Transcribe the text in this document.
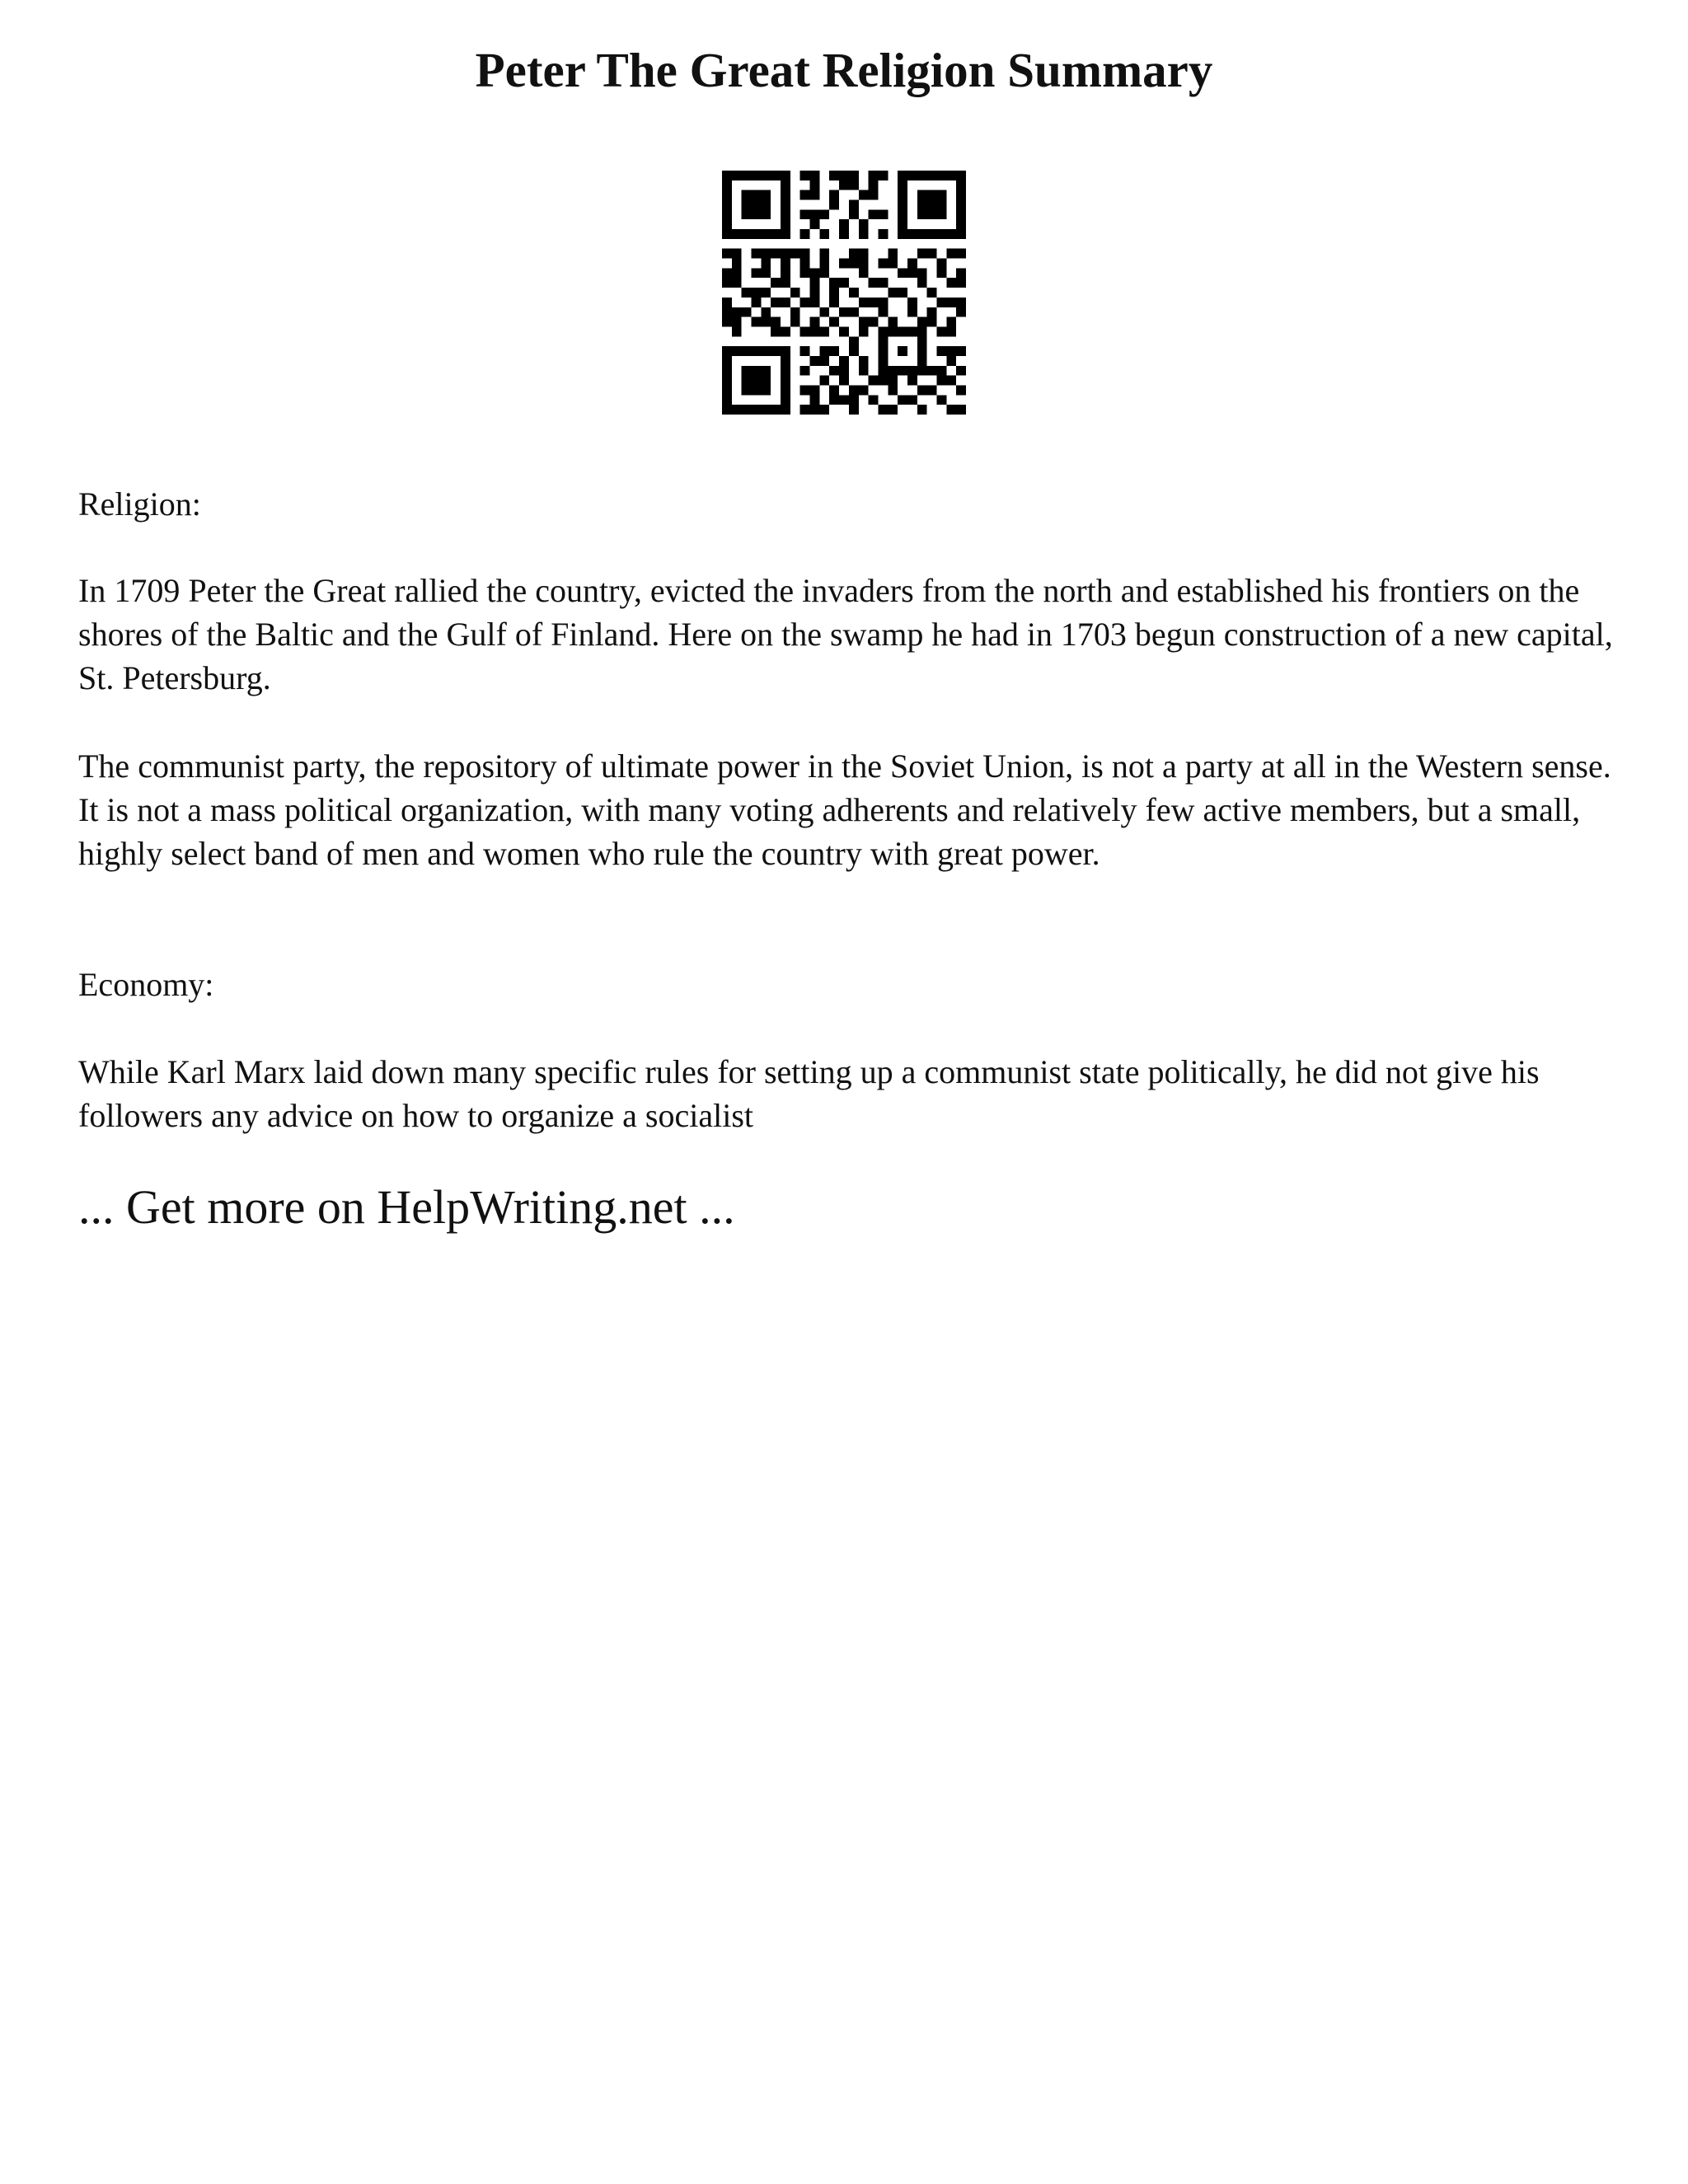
Peter The Great Religion Summary

Religion:

In 1709 Peter the Great rallied the country, evicted the invaders from the north and established his frontiers on the shores of the Baltic and the Gulf of Finland. Here on the swamp he had in 1703 begun construction of a new capital, St. Petersburg.

The communist party, the repository of ultimate power in the Soviet Union, is not a party at all in the Western sense. It is not a mass political organization, with many voting adherents and relatively few active members, but a small, highly select band of men and women who rule the country with great power.

Economy:

While Karl Marx laid down many specific rules for setting up a communist state politically, he did not give his followers any advice on how to organize a socialist

... Get more on HelpWriting.net ...
